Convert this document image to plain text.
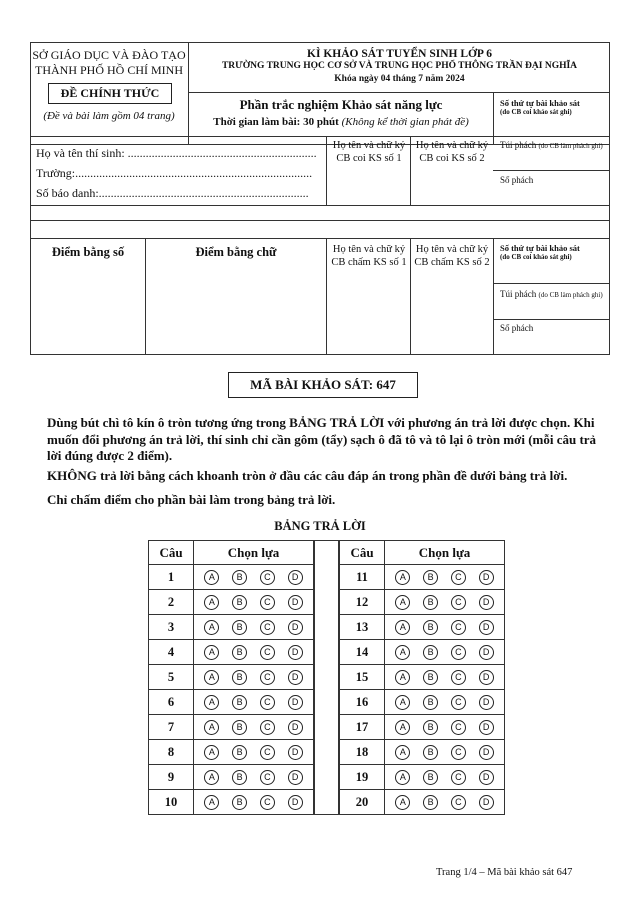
SỞ GIÁO DỤC VÀ ĐÀO TẠO
THÀNH PHỐ HỒ CHÍ MINH
ĐỀ CHÍNH THỨC
(Đề và bài làm gồm 04 trang)
KÌ KHẢO SÁT TUYỂN SINH LỚP 6
TRƯỜNG TRUNG HỌC CƠ SỞ VÀ TRUNG HỌC PHỔ THÔNG TRẦN ĐẠI NGHĨA
Khóa ngày 04 tháng 7 năm 2024
Phần trắc nghiệm Khảo sát năng lực
Thời gian làm bài: 30 phút (Không kể thời gian phát đề)
Số thứ tự bài khảo sát
(do CB coi khảo sát ghi)
Họ và tên thí sinh: ...............................................................
Trường:...............................................................................
Số báo danh:......................................................................
Họ tên và chữ ký CB coi KS số 1
Họ tên và chữ ký CB coi KS số 2
Túi phách (do CB làm phách ghi)
Số phách
Điểm bằng số	Điểm bằng chữ	Họ tên và chữ ký CB chấm KS số 1
Họ tên và chữ ký CB chấm KS số 2
Số thứ tự bài khảo sát
(do CB coi khảo sát ghi)
Túi phách (do CB làm phách ghi)
Số phách
MÃ BÀI KHẢO SÁT: 647
Dùng bút chì tô kín ô tròn tương ứng trong BẢNG TRẢ LỜI với phương án trả lời được chọn. Khi muốn đổi phương án trả lời, thí sinh chỉ cần gôm (tẩy) sạch ô đã tô và tô lại ô tròn mới (mỗi câu trả lời đúng được 2 điểm).
KHÔNG trả lời bằng cách khoanh tròn ở đầu các câu đáp án trong phần đề dưới bảng trả lời.
Chỉ chấm điểm cho phần bài làm trong bảng trả lời.
BẢNG TRẢ LỜI
Câu	Chọn lựa
1	A	B	C	D
2	A	B	C	D
3	A	B	C	D
4	A	B	C	D
5	A	B	C	D
6	A	B	C	D
7	A	B	C	D
8	A	B	C	D
9	A	B	C	D
10	A	B	C	D
Câu	Chọn lựa
11	A	B	C	D
12	A	B	C	D
13	A	B	C	D
14	A	B	C	D
15	A	B	C	D
16	A	B	C	D
17	A	B	C	D
18	A	B	C	D
19	A	B	C	D
20	A	B	C	D
Trang 1/4 – Mã bài khảo sát 647
